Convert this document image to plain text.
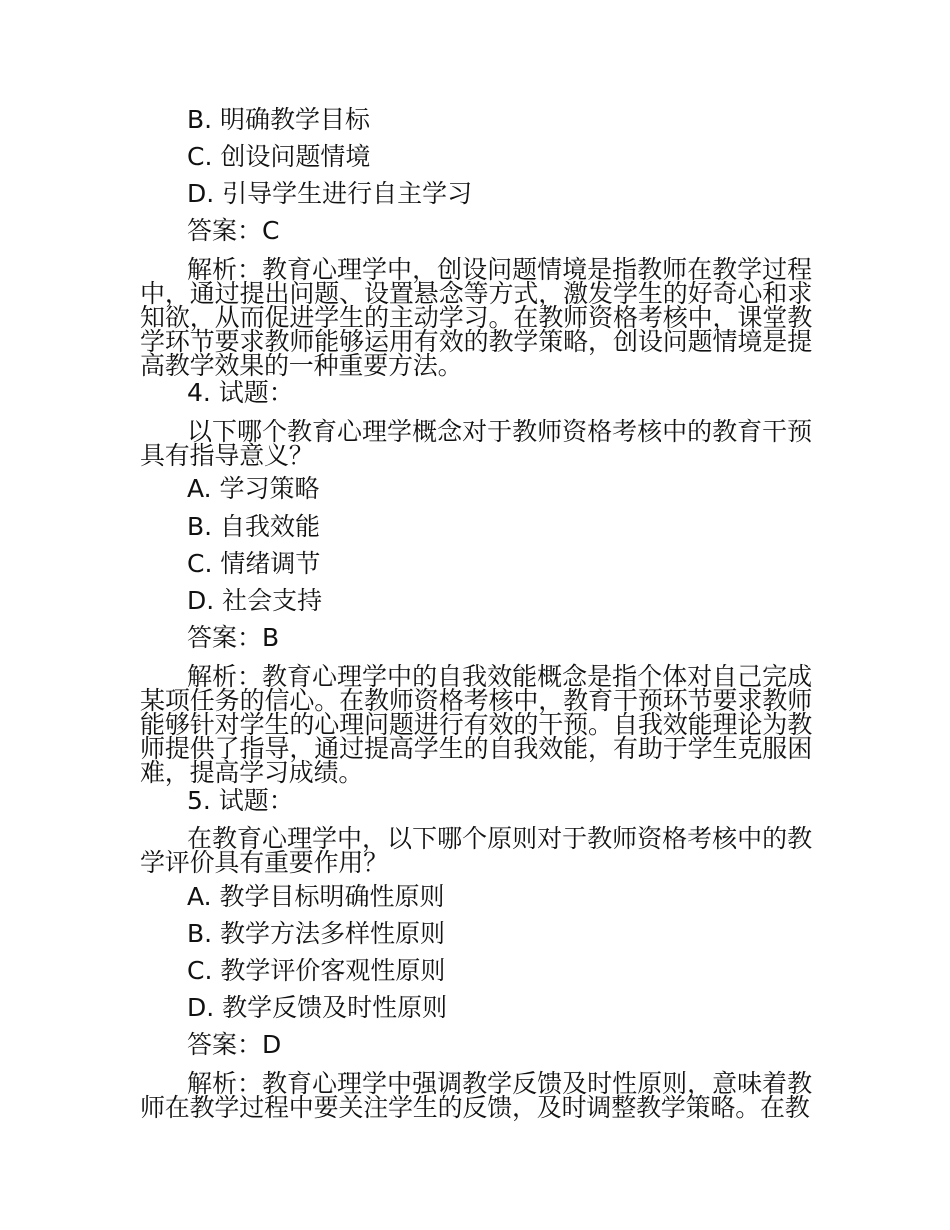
B. 明确教学目标
C. 创设问题情境
D. 引导学生进行自主学习
答案：C
解析：教育心理学中，创设问题情境是指教师在教学过程中，通过提出问题、设置悬念等方式，激发学生的好奇心和求知欲，从而促进学生的主动学习。在教师资格考核中，课堂教学环节要求教师能够运用有效的教学策略，创设问题情境是提高教学效果的一种重要方法。
4. 试题：
以下哪个教育心理学概念对于教师资格考核中的教育干预具有指导意义？
A. 学习策略
B. 自我效能
C. 情绪调节
D. 社会支持
答案：B
解析：教育心理学中的自我效能概念是指个体对自己完成某项任务的信心。在教师资格考核中，教育干预环节要求教师能够针对学生的心理问题进行有效的干预。自我效能理论为教师提供了指导，通过提高学生的自我效能，有助于学生克服困难，提高学习成绩。
5. 试题：
在教育心理学中，以下哪个原则对于教师资格考核中的教学评价具有重要作用？
A. 教学目标明确性原则
B. 教学方法多样性原则
C. 教学评价客观性原则
D. 教学反馈及时性原则
答案：D
解析：教育心理学中强调教学反馈及时性原则，意味着教师在教学过程中要关注学生的反馈，及时调整教学策略。在教
